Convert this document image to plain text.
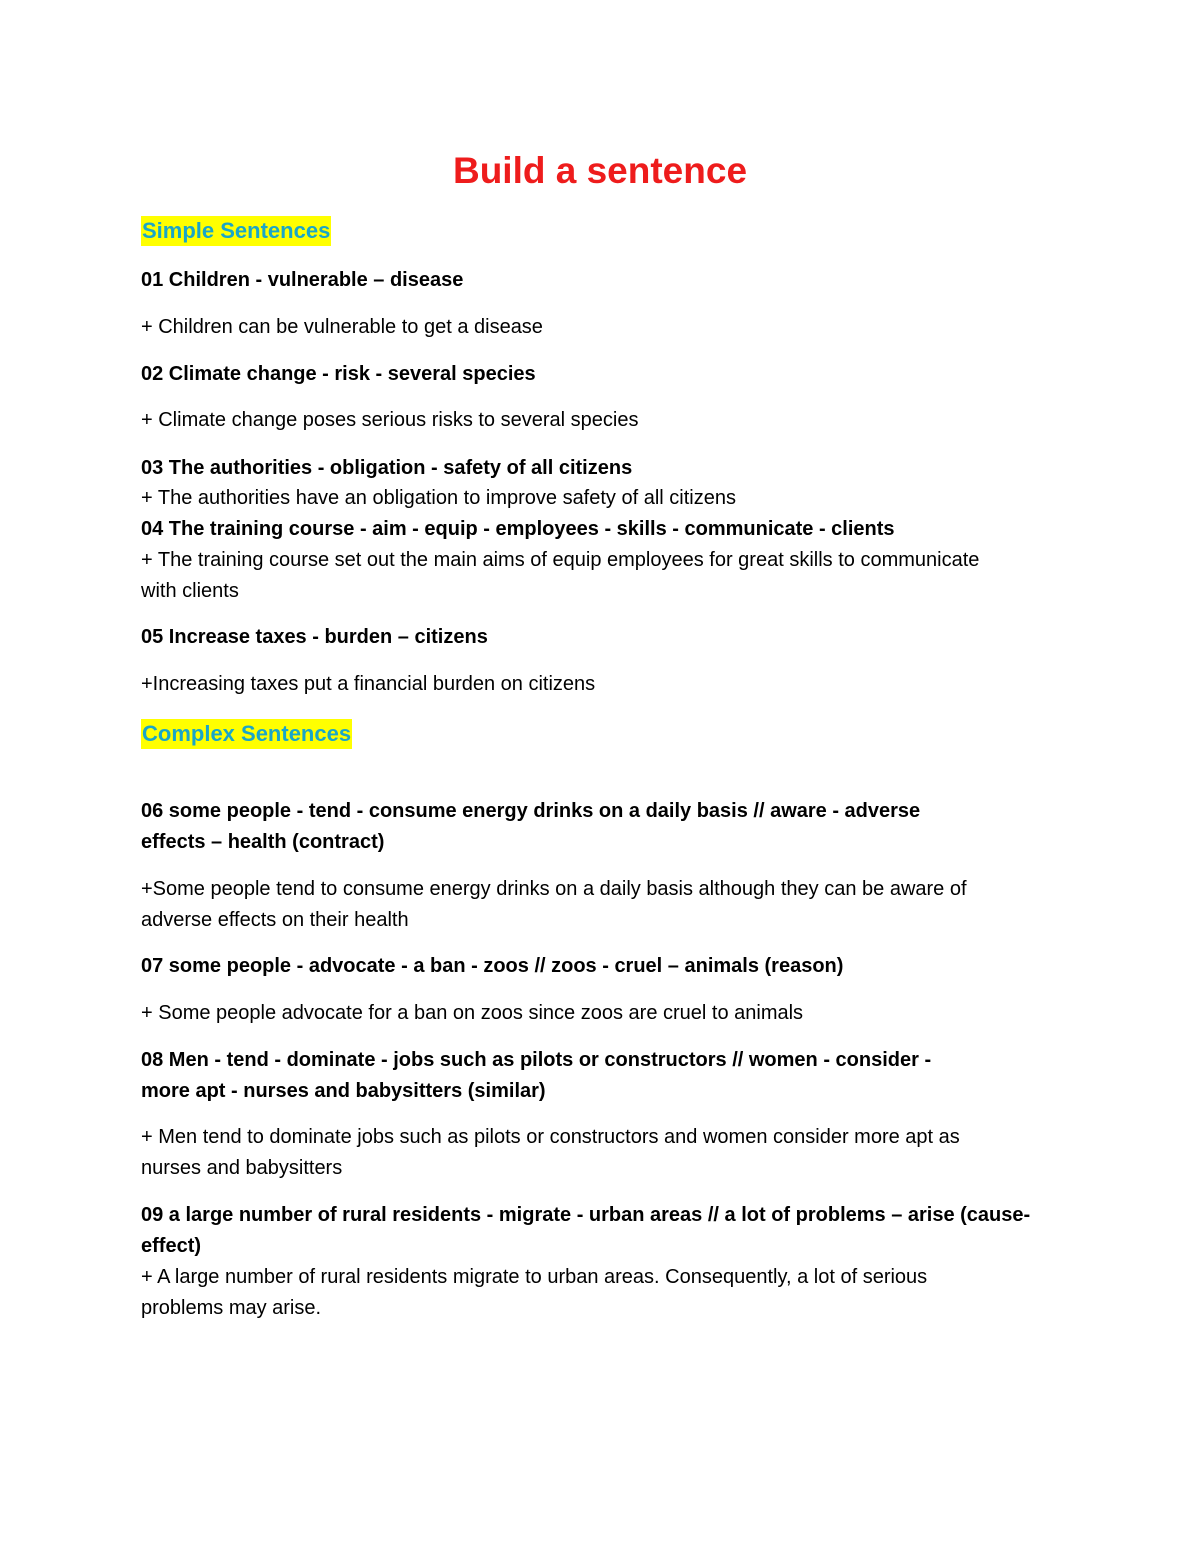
Build a sentence
Simple Sentences
01 Children - vulnerable – disease
+ Children can be vulnerable to get a disease
02 Climate change - risk - several species
+ Climate change poses serious risks to several species
03 The authorities - obligation - safety of all citizens
+ The authorities have an obligation to improve safety of all citizens
04 The training course - aim - equip - employees - skills - communicate - clients
+ The training course set out the main aims of equip employees for great skills to communicate
with clients
05 Increase taxes - burden – citizens
+Increasing taxes put a financial burden on citizens
Complex Sentences
06 some people - tend - consume energy drinks on a daily basis // aware - adverse
effects – health (contract)
+Some people tend to consume energy drinks on a daily basis although they can be aware of
adverse effects on their health
07 some people - advocate - a ban - zoos // zoos - cruel – animals (reason)
+ Some people advocate for a ban on zoos since zoos are cruel to animals
08 Men - tend - dominate - jobs such as pilots or constructors // women - consider -
more apt - nurses and babysitters (similar)
+ Men tend to dominate jobs such as pilots or constructors and women consider more apt as
nurses and babysitters
09 a large number of rural residents - migrate - urban areas // a lot of problems – arise (cause-
effect)
+ A large number of rural residents migrate to urban areas. Consequently, a lot of serious
problems may arise.
